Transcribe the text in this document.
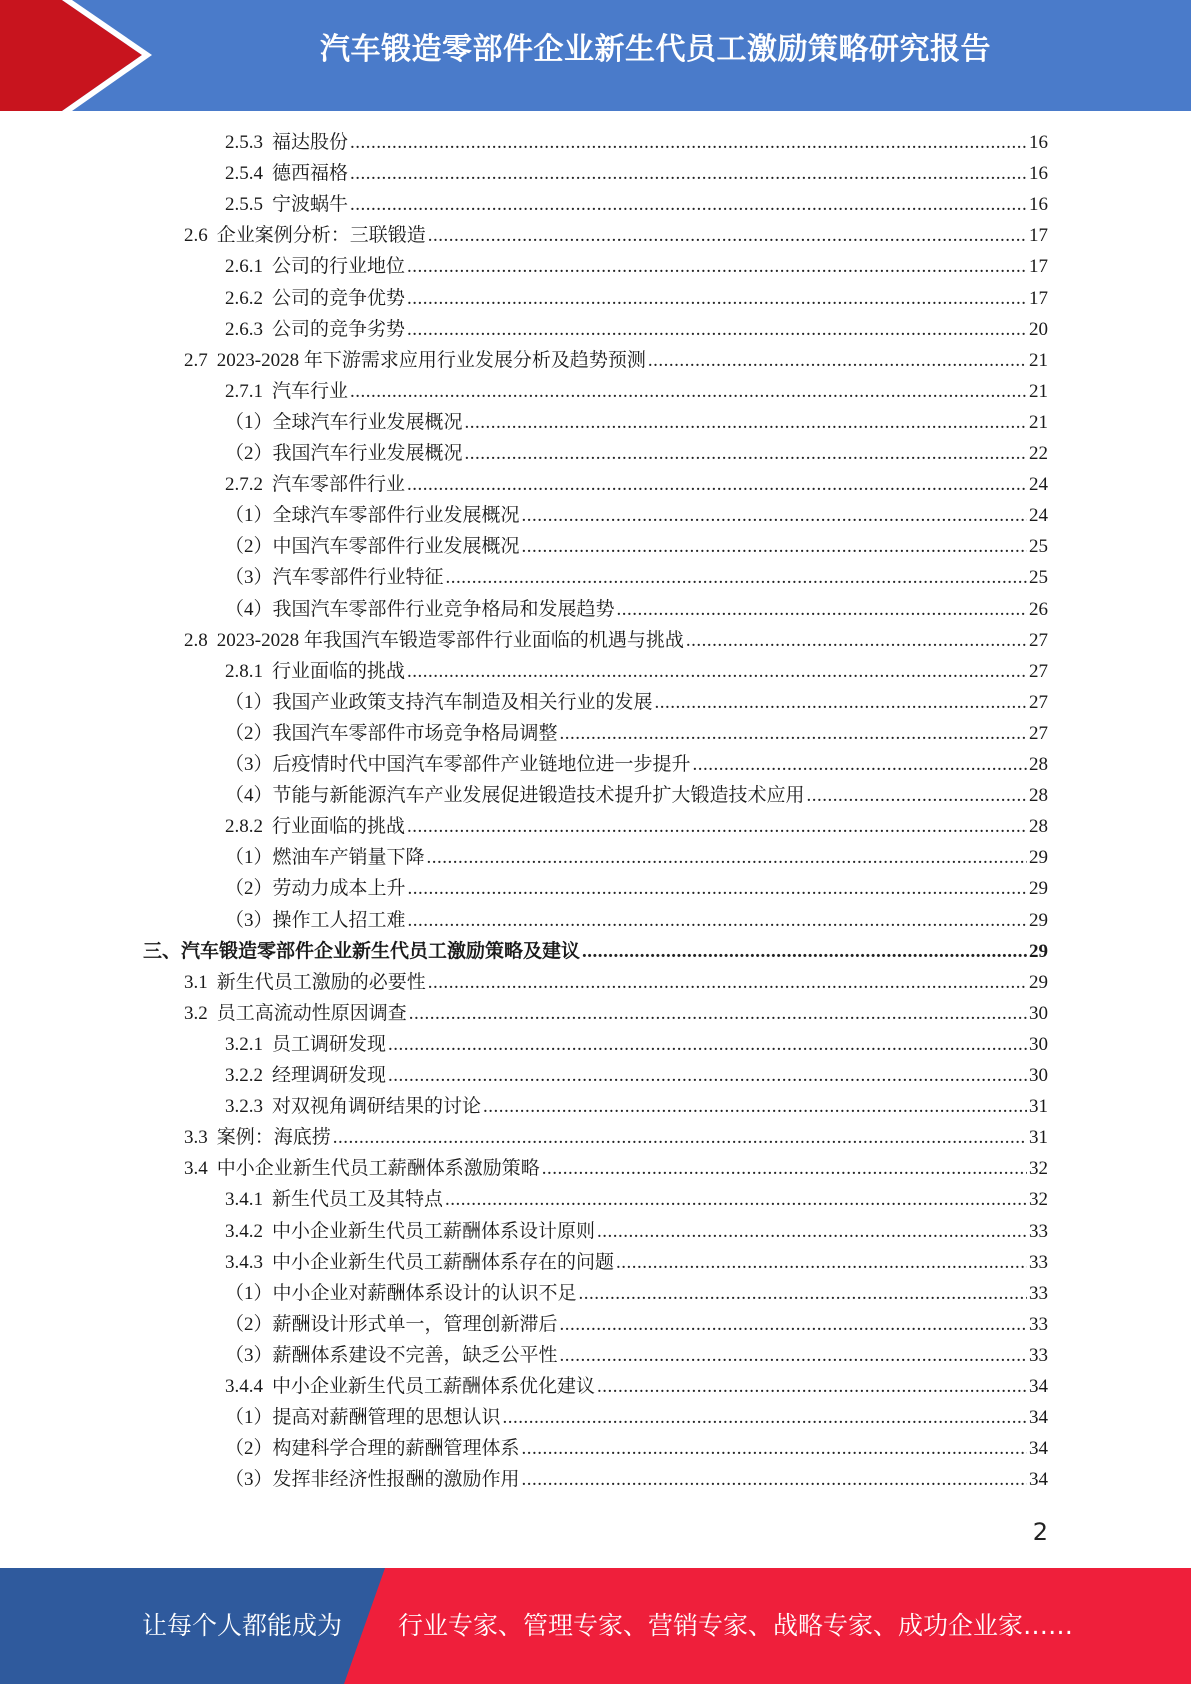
汽车锻造零部件企业新生代员工激励策略研究报告
2.5.3 福达股份 .....	16
2.5.4 德西福格 .....	16
2.5.5 宁波蜗牛 .....	16
2.6 企业案例分析：三联锻造 .....	17
2.6.1 公司的行业地位 .....	17
2.6.2 公司的竞争优势 .....	17
2.6.3 公司的竞争劣势 .....	20
2.7 2023-2028 年下游需求应用行业发展分析及趋势预测 .....	21
2.7.1 汽车行业 .....	21
（1） 全球汽车行业发展概况 .....	21
（2） 我国汽车行业发展概况 .....	22
2.7.2 汽车零部件行业 .....	24
（1） 全球汽车零部件行业发展概况 .....	24
（2） 中国汽车零部件行业发展概况 .....	25
（3） 汽车零部件行业特征 .....	25
（4） 我国汽车零部件行业竞争格局和发展趋势 .....	26
2.8 2023-2028 年我国汽车锻造零部件行业面临的机遇与挑战 .....	27
2.8.1 行业面临的挑战 .....	27
（1） 我国产业政策支持汽车制造及相关行业的发展 .....	27
（2） 我国汽车零部件市场竞争格局调整 .....	27
（3） 后疫情时代中国汽车零部件产业链地位进一步提升 .....	28
（4） 节能与新能源汽车产业发展促进锻造技术提升扩大锻造技术应用 .....	28
2.8.2 行业面临的挑战 .....	28
（1） 燃油车产销量下降 .....	29
（2） 劳动力成本上升 .....	29
（3） 操作工人招工难 .....	29
三、 汽车锻造零部件企业新生代员工激励策略及建议 .....	29
3.1 新生代员工激励的必要性 .....	29
3.2 员工高流动性原因调查 .....	30
3.2.1 员工调研发现 .....	30
3.2.2 经理调研发现 .....	30
3.2.3 对双视角调研结果的讨论 .....	31
3.3 案例：海底捞 .....	31
3.4 中小企业新生代员工薪酬体系激励策略 .....	32
3.4.1 新生代员工及其特点 .....	32
3.4.2 中小企业新生代员工薪酬体系设计原则 .....	33
3.4.3 中小企业新生代员工薪酬体系存在的问题 .....	33
（1） 中小企业对薪酬体系设计的认识不足 .....	33
（2） 薪酬设计形式单一，管理创新滞后 .....	33
（3） 薪酬体系建设不完善，缺乏公平性 .....	33
3.4.4 中小企业新生代员工薪酬体系优化建议 .....	34
（1） 提高对薪酬管理的思想认识 .....	34
（2） 构建科学合理的薪酬管理体系 .....	34
（3） 发挥非经济性报酬的激励作用 .....	34
2
让每个人都能成为 行业专家、管理专家、营销专家、战略专家、成功企业家……
